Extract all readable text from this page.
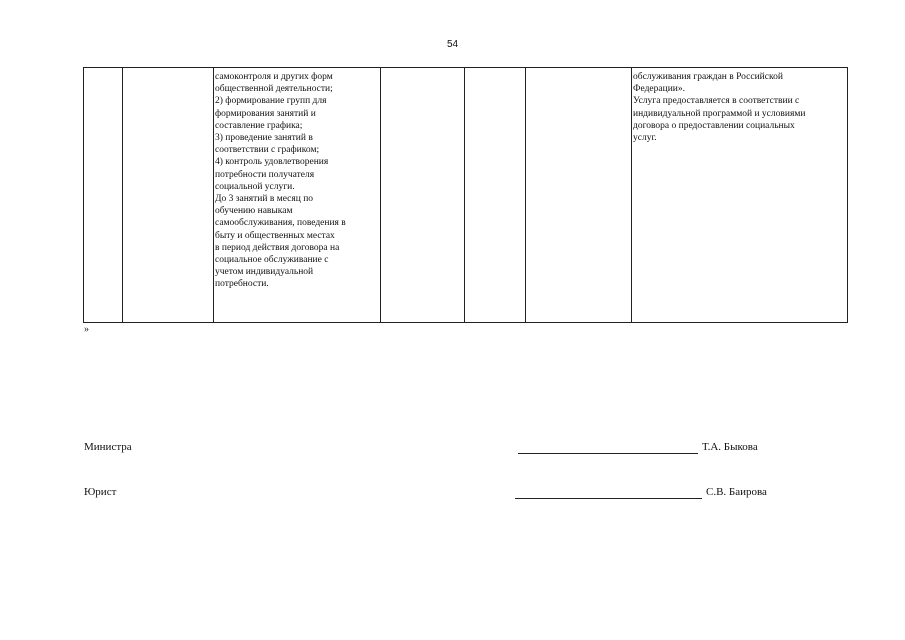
54
		самоконтроля и других форм
общественной деятельности;
2) формирование групп для
формирования занятий и
составление графика;
3) проведение занятий в
соответствии с графиком;
4) контроль удовлетворения
потребности получателя
социальной услуги.
До 3 занятий в месяц по
обучению навыкам
самообслуживания, поведения в
быту и общественных местах
в период действия договора на
социальное обслуживание с
учетом индивидуальной
потребности.				обслуживания граждан в Российской
Федерации».
Услуга предоставляется в соответствии с
индивидуальной программой и условиями
договора о предоставлении социальных
услуг.
»
Министра	Т.А. Быкова
Юрист	С.В. Баирова
